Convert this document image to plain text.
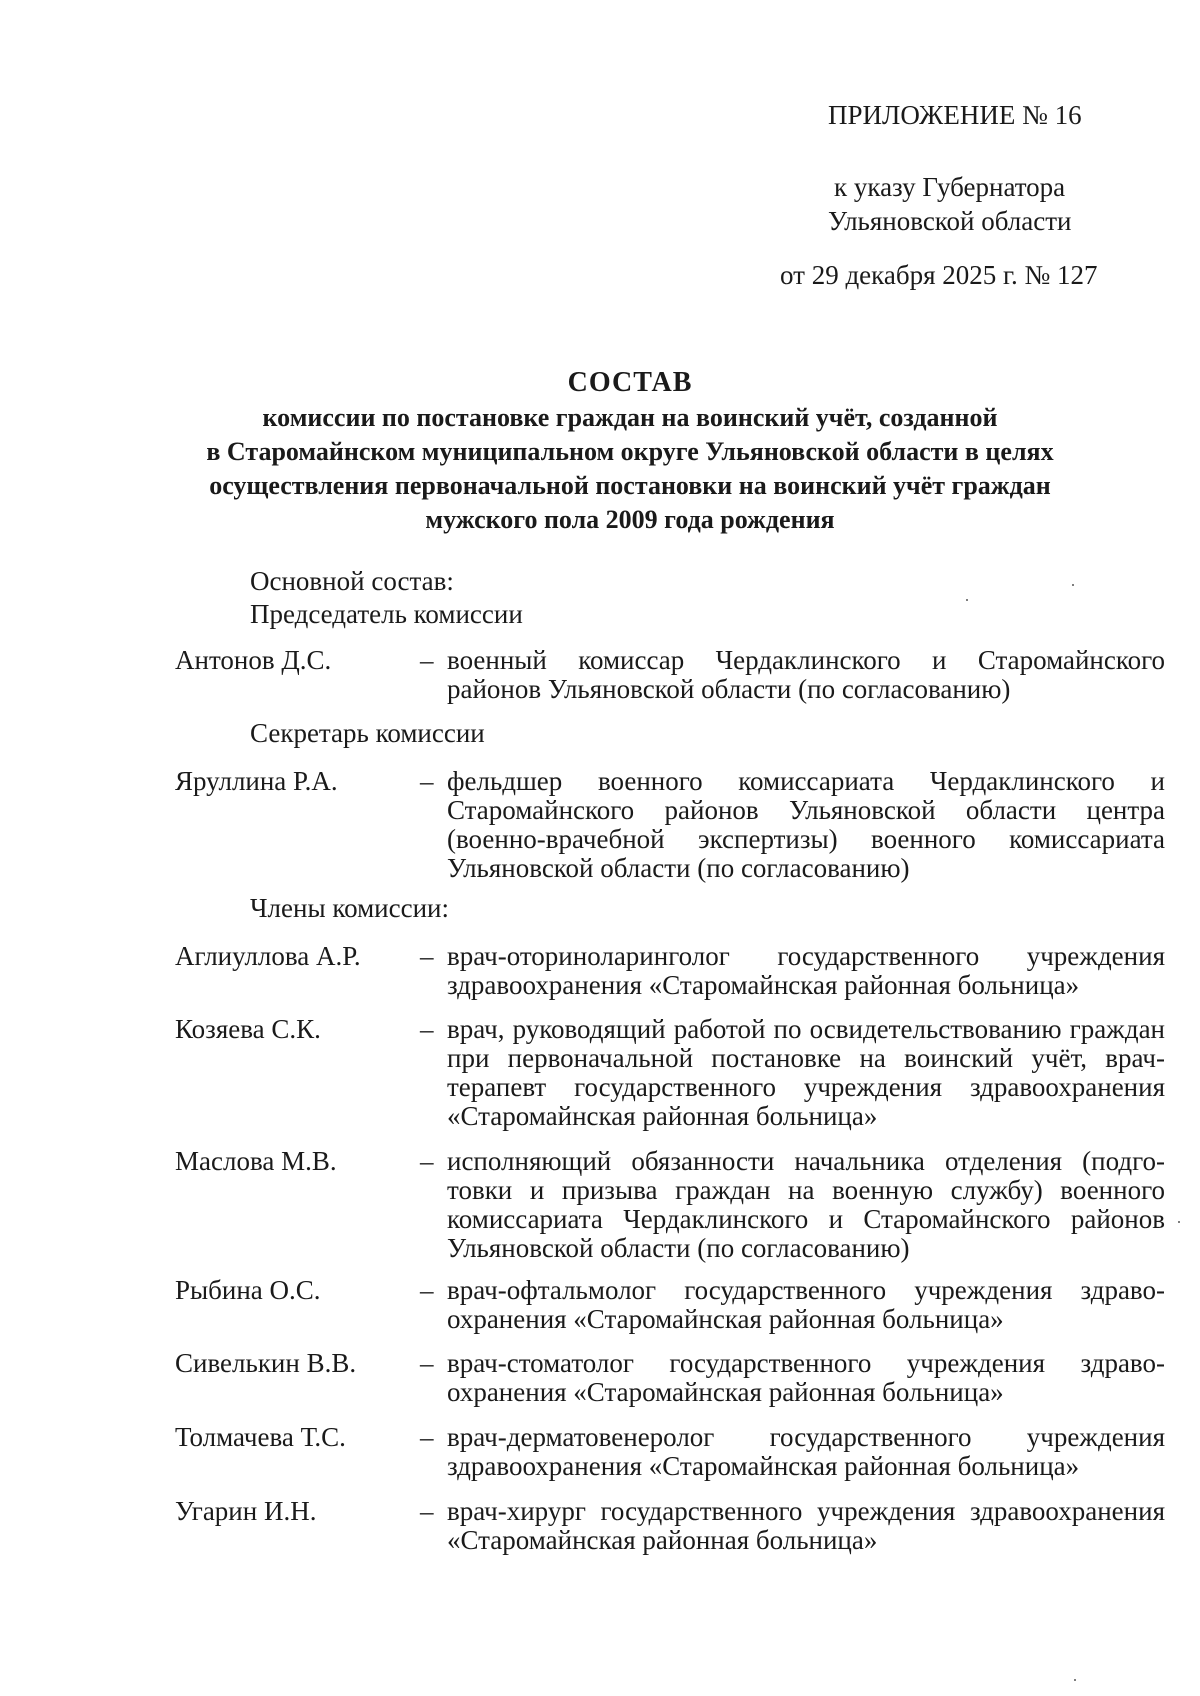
ПРИЛОЖЕНИЕ № 16
к указу Губернатора
Ульяновской области
от 29 декабря 2025 г. № 127
СОСТАВ
комиссии по постановке граждан на воинский учёт, созданной
в Старомайнском муниципальном округе Ульяновской области в целях
осуществления первоначальной постановки на воинский учёт граждан
мужского пола 2009 года рождения
Основной состав:
Председатель комиссии
Антонов Д.С.	– военный комиссар Чердаклинского и Старомайнского районов Ульяновской области (по согласованию)
Секретарь комиссии
Яруллина Р.А.	– фельдшер военного комиссариата Чердаклинского и Старомайнского районов Ульяновской области центра (военно-врачебной экспертизы) военного комиссариата Ульяновской области (по согласованию)
Члены комиссии:
Аглиуллова А.Р. – врач-оториноларинголог государственного учреждения здравоохранения «Старомайнская районная больница»
Козяева С.К.	– врач, руководящий работой по освидетельствованию граждан при первоначальной постановке на воинский учёт, врач-терапевт государственного учреждения здравоохранения «Старомайнская районная больница»
Маслова М.В.	– исполняющий обязанности начальника отделения (подготовки и призыва граждан на военную службу) военного комиссариата Чердаклинского и Старомайнского районов Ульяновской области (по согласованию)
Рыбина О.С.	– врач-офтальмолог государственного учреждения здравоохранения «Старомайнская районная больница»
Сивелькин В.В. – врач-стоматолог государственного учреждения здравоохранения «Старомайнская районная больница»
Толмачева Т.С.	– врач-дерматовенеролог государственного учреждения здравоохранения «Старомайнская районная больница»
Угарин И.Н.	– врач-хирург государственного учреждения здравоохранения «Старомайнская районная больница»
